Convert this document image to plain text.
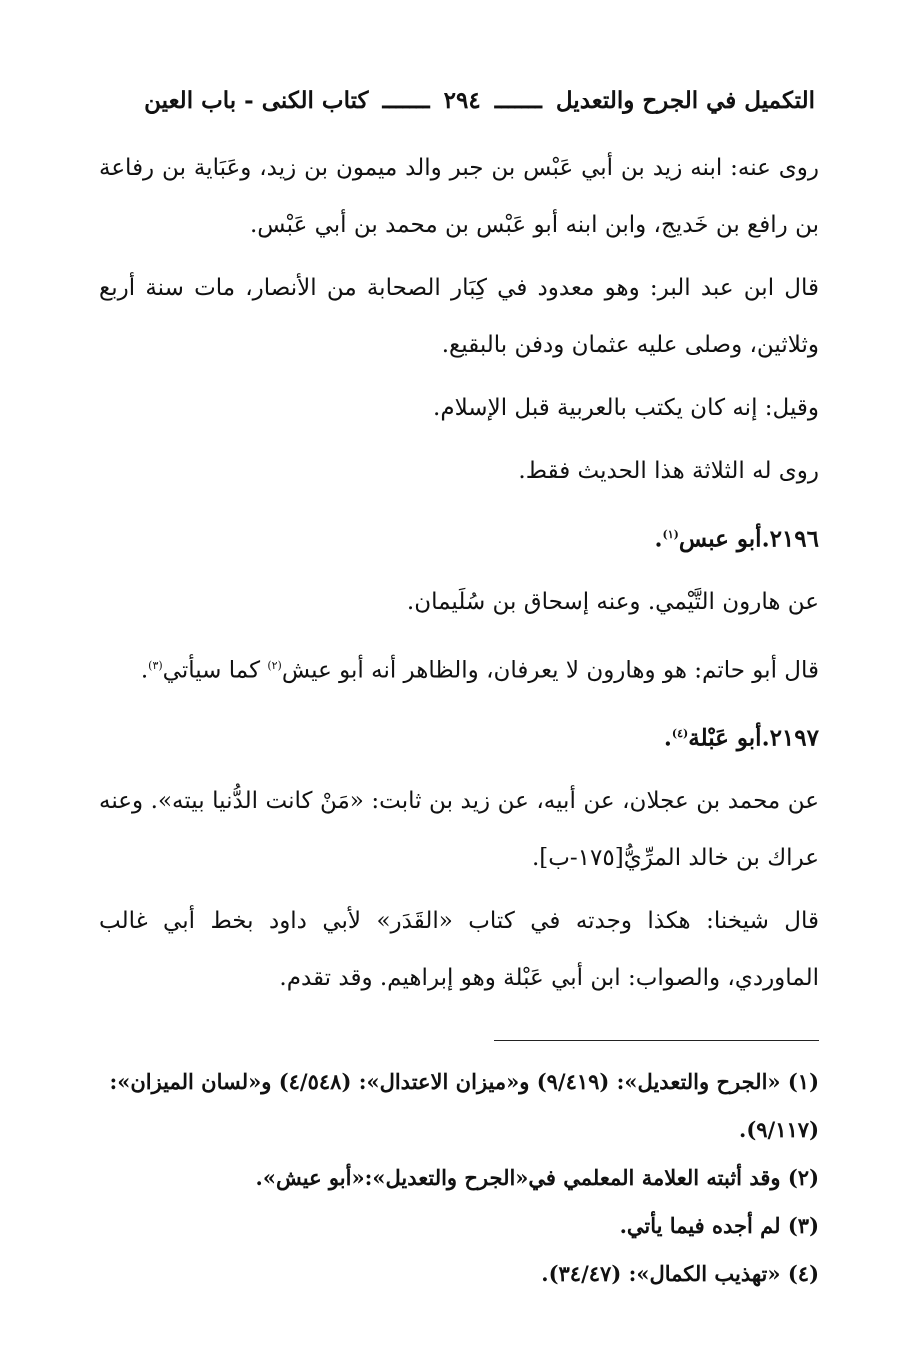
التكميل في الجرح والتعديل
ـــــــ
٢٩٤
ـــــــ
كتاب الكنى - باب العين

روى عنه: ابنه زيد بن أبي عَبْس بن جبر والد ميمون بن زيد، وعَبَاية بن رفاعة بن رافع بن خَديج، وابن ابنه أبو عَبْس بن محمد بن أبي عَبْس.

قال ابن عبد البر: وهو معدود في كِبَار الصحابة من الأنصار، مات سنة أربع وثلاثين، وصلى عليه عثمان ودفن بالبقيع.

وقيل: إنه كان يكتب بالعربية قبل الإسلام.

روى له الثلاثة هذا الحديث فقط.

٢١٩٦.أبو عبس$^{(١)}$.

عن هارون التَّيْمي. وعنه إسحاق بن سُلَيمان.

قال أبو حاتم: هو وهارون لا يعرفان، والظاهر أنه أبو عيش$^{(٢)}$ كما سيأتي$^{(٣)}$.

٢١٩٧.أبو عَبْلة$^{(٤)}$.

عن محمد بن عجلان، عن أبيه، عن زيد بن ثابت: «مَنْ كانت الدُّنيا بيته». وعنه عراك بن خالد المرِّيُّ[١٧٥-ب].

قال شيخنا: هكذا وجدته في كتاب «القَدَر» لأبي داود بخط أبي غالب الماوردي، والصواب: ابن أبي عَبْلة وهو إبراهيم. وقد تقدم.

(١) «الجرح والتعديل»: (٩/٤١٩) و«ميزان الاعتدال»: (٤/٥٤٨) و«لسان الميزان»: (٩/١١٧).

(٢) وقد أثبته العلامة المعلمي في«الجرح والتعديل»:«أبو عيش».

(٣) لم أجده فيما يأتي.

(٤) «تهذيب الكمال»: (٣٤/٤٧).
